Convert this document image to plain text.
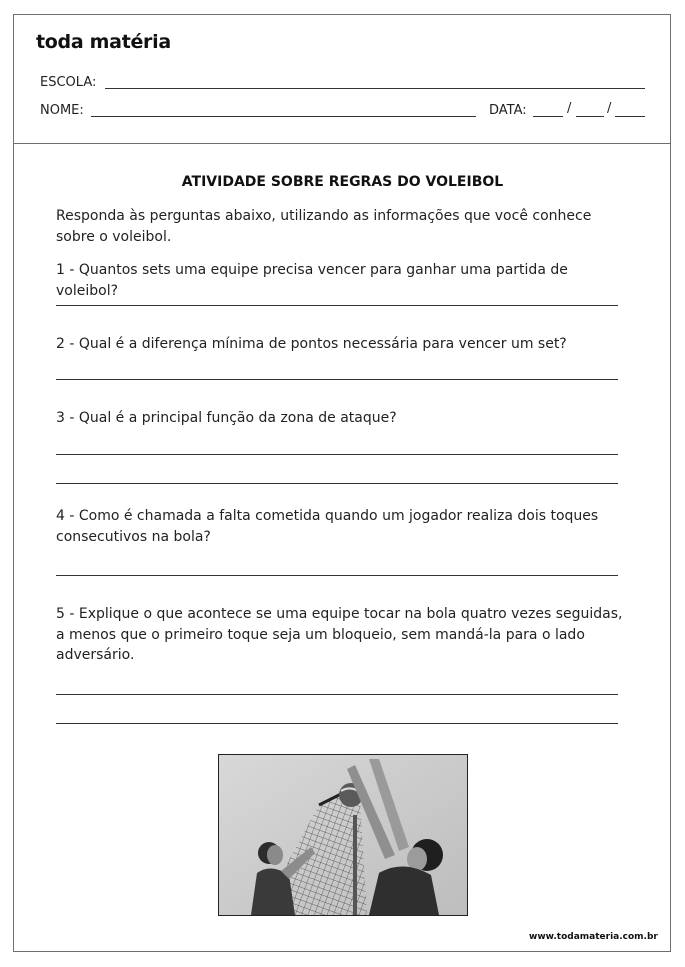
toda matéria
ESCOLA:
NOME:	DATA:	/	/
ATIVIDADE SOBRE REGRAS DO VOLEIBOL
Responda às perguntas abaixo, utilizando as informações que você conhece sobre o voleibol.
1 - Quantos sets uma equipe precisa vencer para ganhar uma partida de voleibol?
2 - Qual é a diferença mínima de pontos necessária para vencer um set?
3 - Qual é a principal função da zona de ataque?
4 - Como é chamada a falta cometida quando um jogador realiza dois toques consecutivos na bola?
5 - Explique o que acontece se uma equipe tocar na bola quatro vezes seguidas, a menos que o primeiro toque seja um bloqueio, sem mandá-la para o lado adversário.
www.todamateria.com.br
